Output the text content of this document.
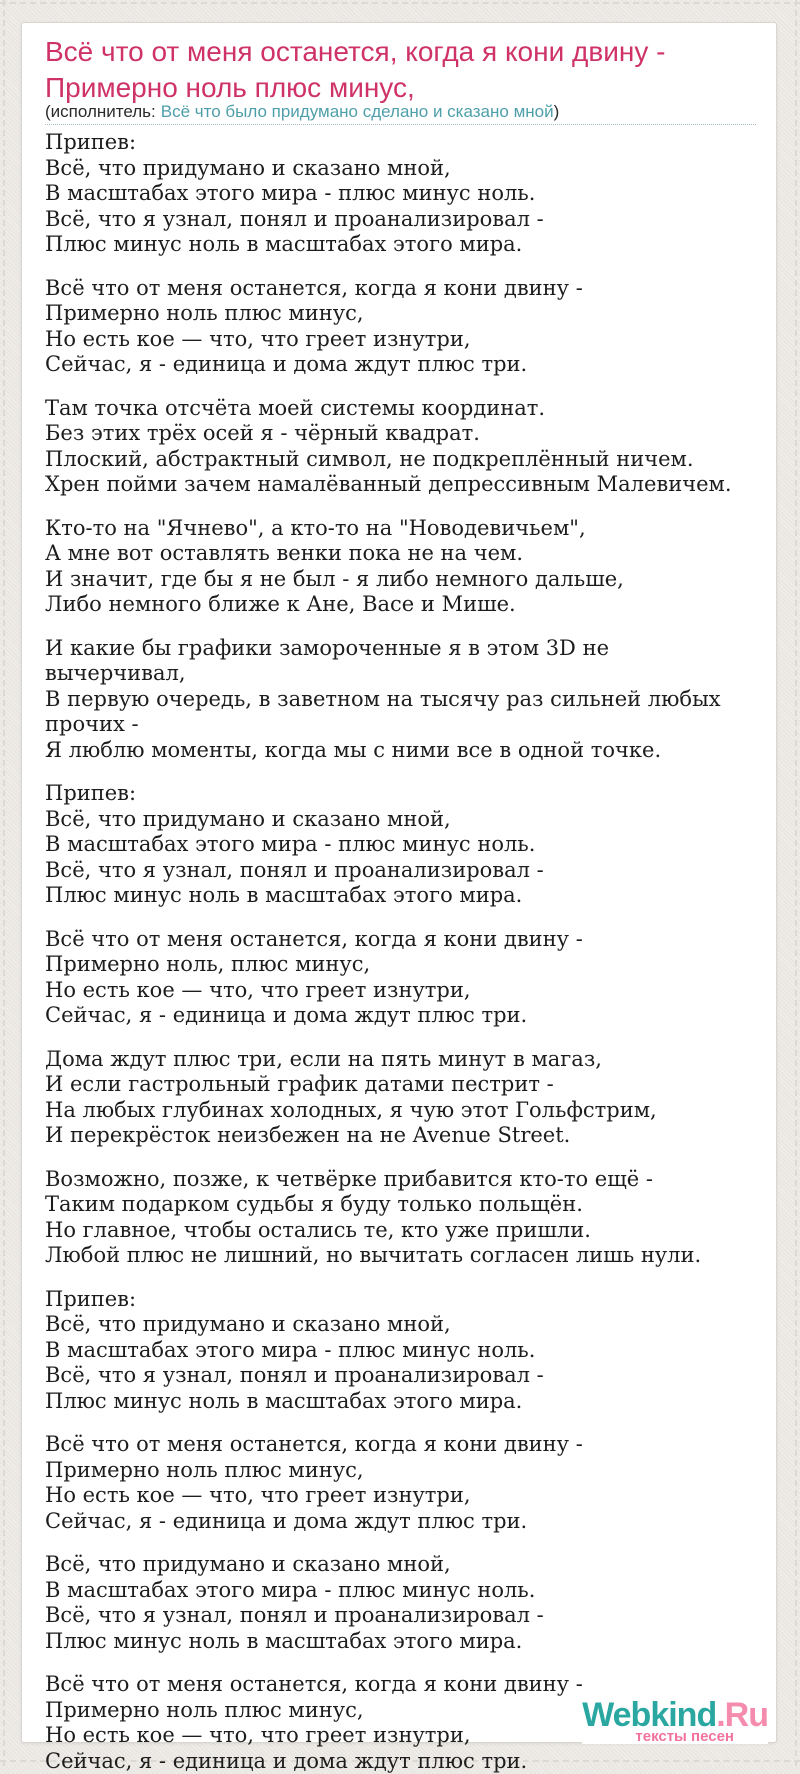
Всё что от меня останется, когда я кони двину -
Примерно ноль плюс минус,
(исполнитель: Всё что было придумано сделано и сказано мной)

Припев:
Всё, что придумано и сказано мной,
В масштабах этого мира - плюс минус ноль.
Всё, что я узнал, понял и проанализировал -
Плюс минус ноль в масштабах этого мира.

Всё что от меня останется, когда я кони двину -
Примерно ноль плюс минус,
Но есть кое — что, что греет изнутри,
Сейчас, я - единица и дома ждут плюс три.

Там точка отсчёта моей системы координат.
Без этих трёх осей я - чёрный квадрат.
Плоский, абстрактный символ, не подкреплённый ничем.
Хрен пойми зачем намалёванный депрессивным Малевичем.

Кто-то на "Ячнево", а кто-то на "Новодевичьем",
А мне вот оставлять венки пока не на чем.
И значит, где бы я не был - я либо немного дальше,
Либо немного ближе к Ане, Васе и Мише.

И какие бы графики замороченные я в этом 3D не вычерчивал,
В первую очередь, в заветном на тысячу раз сильней любых прочих -
Я люблю моменты, когда мы с ними все в одной точке.

Припев:
Всё, что придумано и сказано мной,
В масштабах этого мира - плюс минус ноль.
Всё, что я узнал, понял и проанализировал -
Плюс минус ноль в масштабах этого мира.

Всё что от меня останется, когда я кони двину -
Примерно ноль, плюс минус,
Но есть кое — что, что греет изнутри,
Сейчас, я - единица и дома ждут плюс три.

Дома ждут плюс три, если на пять минут в магаз,
И если гастрольный график датами пестрит -
На любых глубинах холодных, я чую этот Гольфстрим,
И перекрёсток неизбежен на не Avenue Street.

Возможно, позже, к четвёрке прибавится кто-то ещё -
Таким подарком судьбы я буду только польщён.
Но главное, чтобы остались те, кто уже пришли.
Любой плюс не лишний, но вычитать согласен лишь нули.

Припев:
Всё, что придумано и сказано мной,
В масштабах этого мира - плюс минус ноль.
Всё, что я узнал, понял и проанализировал -
Плюс минус ноль в масштабах этого мира.

Всё что от меня останется, когда я кони двину -
Примерно ноль плюс минус,
Но есть кое — что, что греет изнутри,
Сейчас, я - единица и дома ждут плюс три.

Всё, что придумано и сказано мной,
В масштабах этого мира - плюс минус ноль.
Всё, что я узнал, понял и проанализировал -
Плюс минус ноль в масштабах этого мира.

Всё что от меня останется, когда я кони двину -
Примерно ноль плюс минус,
Но есть кое — что, что греет изнутри,
Сейчас, я - единица и дома ждут плюс три.

Webkind.Ru
тексты песен
